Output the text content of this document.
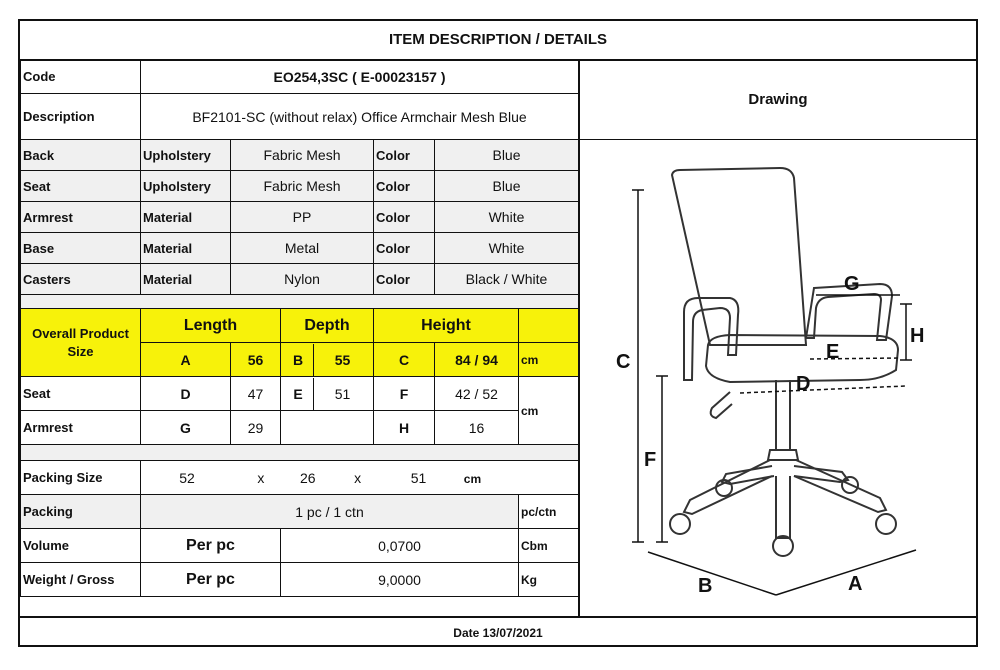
ITEM DESCRIPTION / DETAILS
Code	EO254,3SC ( E-00023157 )					
Description	BF2101-SC (without relax) Office Armchair Mesh Blue					
Back	Upholstery	Fabric Mesh		Color	Blue	
Seat	Upholstery	Fabric Mesh		Color	Blue	
Armrest	Material	PP		Color	White	
Base	Material	Metal		Color	White	
Casters	Material	Nylon		Color	Black / White	

Overall Product Size	Length		Depth	Height		
	A	56	B 55	C	84 / 94	cm
Seat	D	47	E 51	F	42 / 52	cm
Armrest	G	29		H	16	

Packing Size	52 x 26 x 51 cm					
Packing	1 pc / 1 ctn					pc/ctn
Volume	Per pc		0,0700			Cbm
Weight / Gross	Per pc		9,0000			Kg
Drawing
C
F
G
H
E
D
B	A
Date 13/07/2021
